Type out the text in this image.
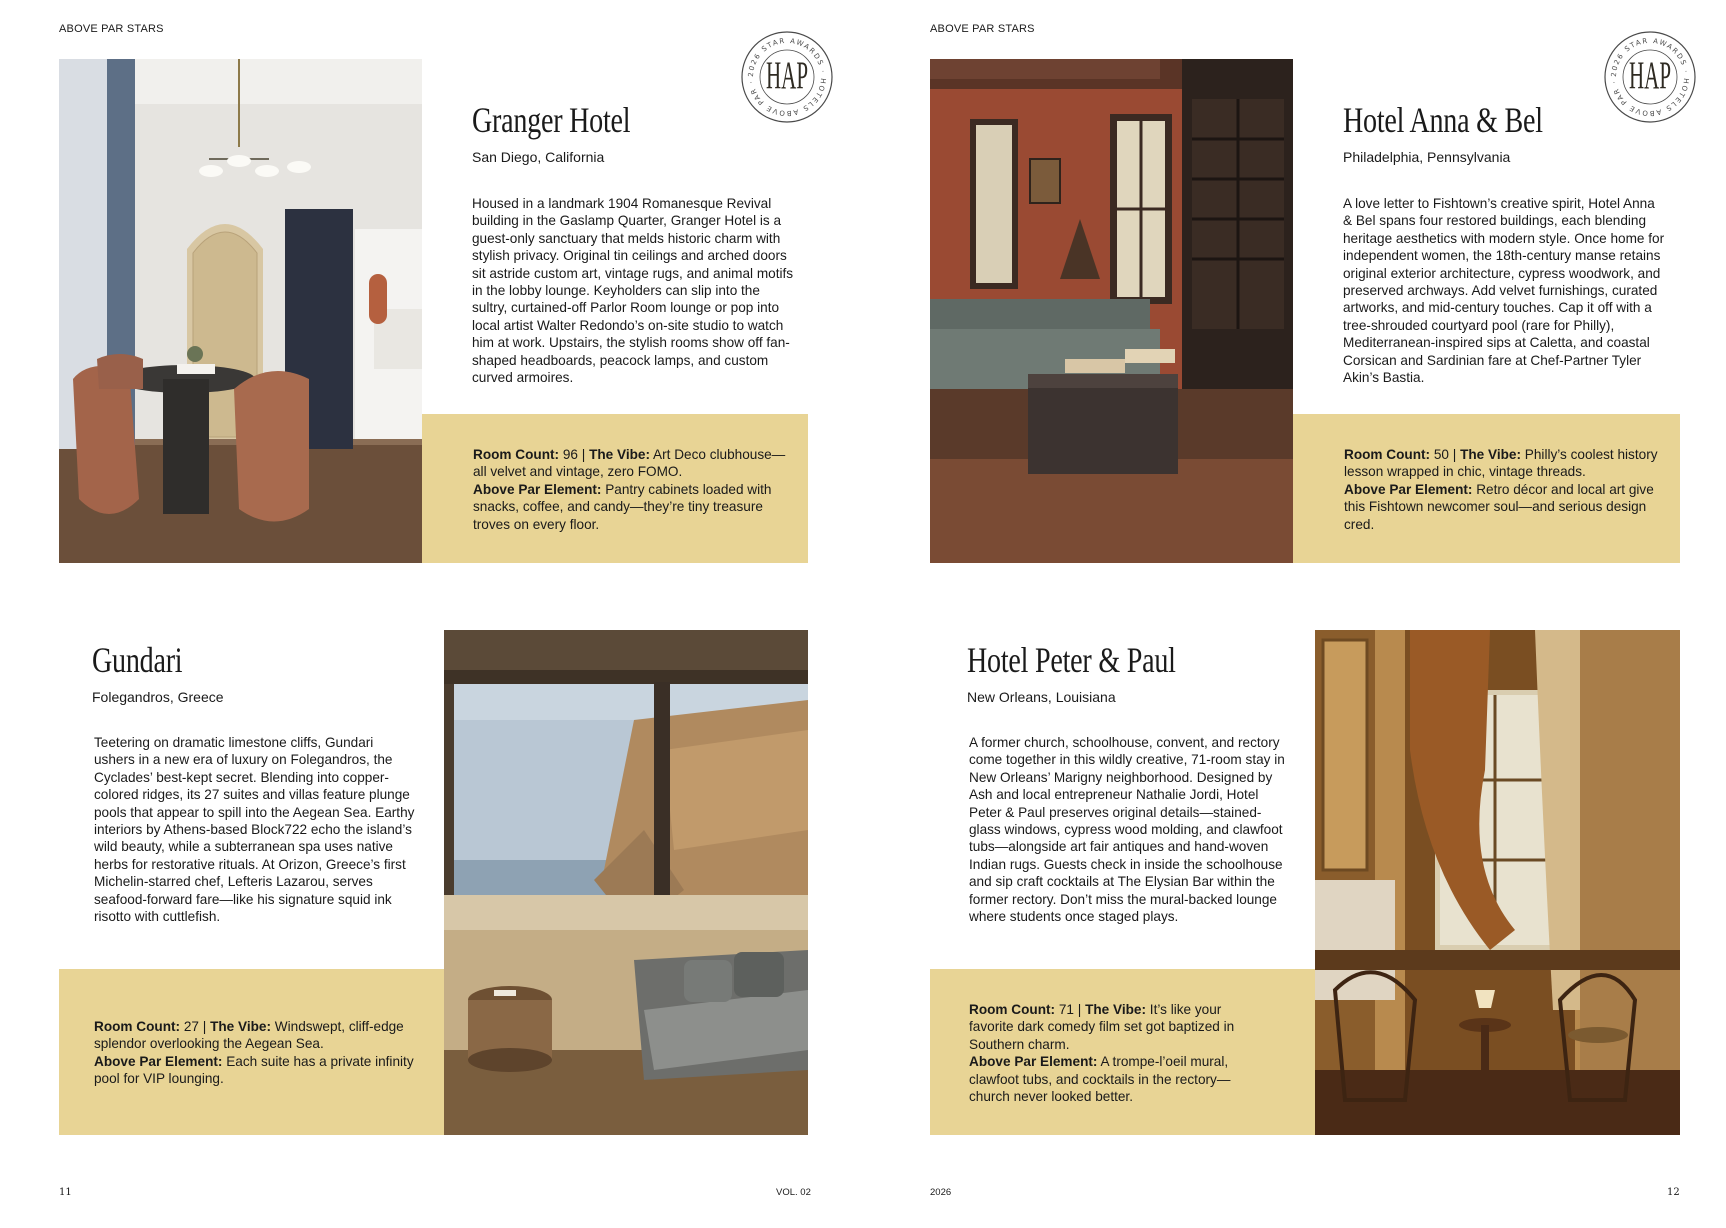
ABOVE PAR STARS
2026 STAR AWARDS · HOTELS ABOVE PAR · HAP
Granger Hotel
San Diego, California
Housed in a landmark 1904 Romanesque Revival building in the Gaslamp Quarter, Granger Hotel is a guest-only sanctuary that melds historic charm with stylish privacy. Original tin ceilings and arched doors sit astride custom art, vintage rugs, and animal motifs in the lobby lounge. Keyholders can slip into the sultry, curtained-off Parlor Room lounge or pop into local artist Walter Redondo’s on-site studio to watch him at work. Upstairs, the stylish rooms show off fan-shaped headboards, peacock lamps, and custom curved armoires.
Room Count: 96 | The Vibe: Art Deco clubhouse—all velvet and vintage, zero FOMO.
Above Par Element: Pantry cabinets loaded with snacks, coffee, and candy—they’re tiny treasure troves on every floor.
Gundari
Folegandros, Greece
Teetering on dramatic limestone cliffs, Gundari ushers in a new era of luxury on Folegandros, the Cyclades’ best-kept secret. Blending into copper-colored ridges, its 27 suites and villas feature plunge pools that appear to spill into the Aegean Sea. Earthy interiors by Athens-based Block722 echo the island’s wild beauty, while a subterranean spa uses native herbs for restorative rituals. At Orizon, Greece’s first Michelin-starred chef, Lefteris Lazarou, serves seafood-forward fare—like his signature squid ink risotto with cuttlefish.
Room Count: 27 | The Vibe: Windswept, cliff-edge splendor overlooking the Aegean Sea.
Above Par Element: Each suite has a private infinity pool for VIP lounging.
11	VOL. 02
ABOVE PAR STARS
2026 STAR AWARDS · HOTELS ABOVE PAR · HAP
Hotel Anna & Bel
Philadelphia, Pennsylvania
A love letter to Fishtown’s creative spirit, Hotel Anna & Bel spans four restored buildings, each blending heritage aesthetics with modern style. Once home for independent women, the 18th-century manse retains original exterior architecture, cypress woodwork, and preserved archways. Add velvet furnishings, curated artworks, and mid-century touches. Cap it off with a tree-shrouded courtyard pool (rare for Philly), Mediterranean-inspired sips at Caletta, and coastal Corsican and Sardinian fare at Chef-Partner Tyler Akin’s Bastia.
Room Count: 50 | The Vibe: Philly’s coolest history lesson wrapped in chic, vintage threads.
Above Par Element: Retro décor and local art give this Fishtown newcomer soul—and serious design cred.
Hotel Peter & Paul
New Orleans, Louisiana
A former church, schoolhouse, convent, and rectory come together in this wildly creative, 71-room stay in New Orleans’ Marigny neighborhood. Designed by Ash and local entrepreneur Nathalie Jordi, Hotel Peter & Paul preserves original details—stained-glass windows, cypress wood molding, and clawfoot tubs—alongside art fair antiques and hand-woven Indian rugs. Guests check in inside the schoolhouse and sip craft cocktails at The Elysian Bar within the former rectory. Don’t miss the mural-backed lounge where students once staged plays.
Room Count: 71 | The Vibe: It’s like your favorite dark comedy film set got baptized in Southern charm.
Above Par Element: A trompe-l’oeil mural, clawfoot tubs, and cocktails in the rectory—church never looked better.
2026	12
